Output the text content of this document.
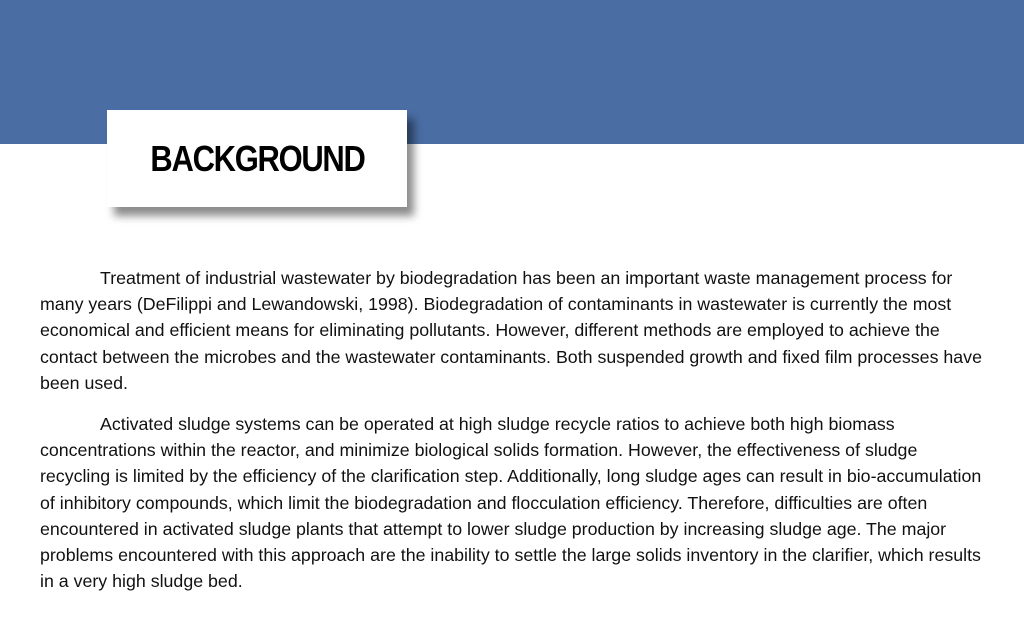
BACKGROUND

Treatment of industrial wastewater by biodegradation has been an important waste management process for many years (DeFilippi and Lewandowski, 1998). Biodegradation of contaminants in wastewater is currently the most economical and efficient means for eliminating pollutants. However, different methods are employed to achieve the contact between the microbes and the wastewater contaminants. Both suspended growth and fixed film processes have been used.

Activated sludge systems can be operated at high sludge recycle ratios to achieve both high biomass concentrations within the reactor, and minimize biological solids formation. However, the effectiveness of sludge recycling is limited by the efficiency of the clarification step. Additionally, long sludge ages can result in bio-accumulation of inhibitory compounds, which limit the biodegradation and flocculation efficiency. Therefore, difficulties are often encountered in activated sludge plants that attempt to lower sludge production by increasing sludge age. The major problems encountered with this approach are the inability to settle the large solids inventory in the clarifier, which results in a very high sludge bed.
